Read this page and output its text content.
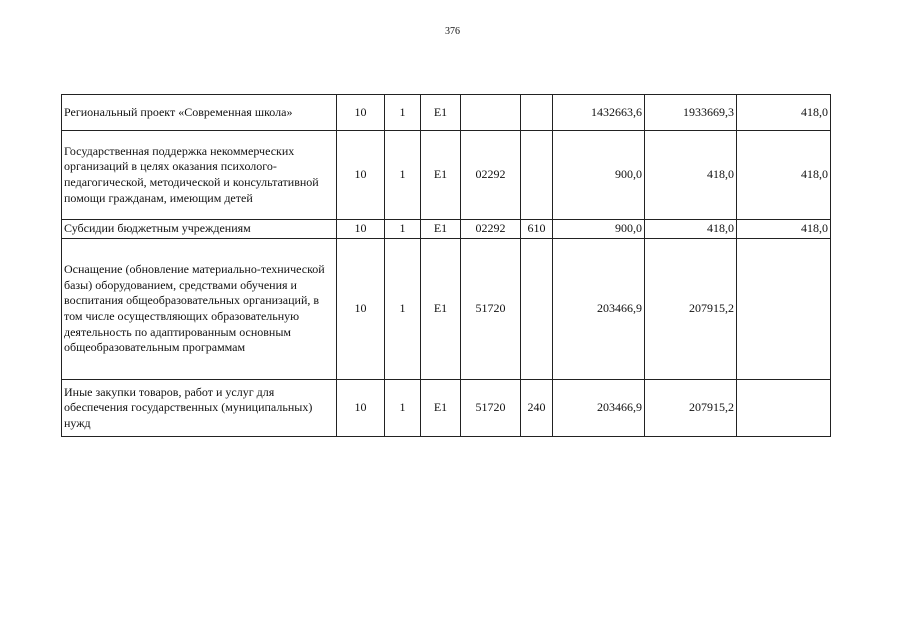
376
Региональный проект «Современная школа»	10	1	Е1			1432663,6	1933669,3	418,0
Государственная поддержка некоммерческих организаций в целях оказания психолого-педагогической, методической и консультативной помощи гражданам, имеющим детей	10	1	Е1	02292		900,0	418,0	418,0
Субсидии бюджетным учреждениям	10	1	Е1	02292	610	900,0	418,0	418,0
Оснащение (обновление материально-технической базы) оборудованием, средствами обучения и воспитания общеобразовательных организаций, в том числе осуществляющих образовательную деятельность по адаптированным основным общеобразовательным программам	10	1	Е1	51720		203466,9	207915,2	
Иные закупки товаров, работ и услуг для обеспечения государственных (муниципальных) нужд	10	1	Е1	51720	240	203466,9	207915,2	
